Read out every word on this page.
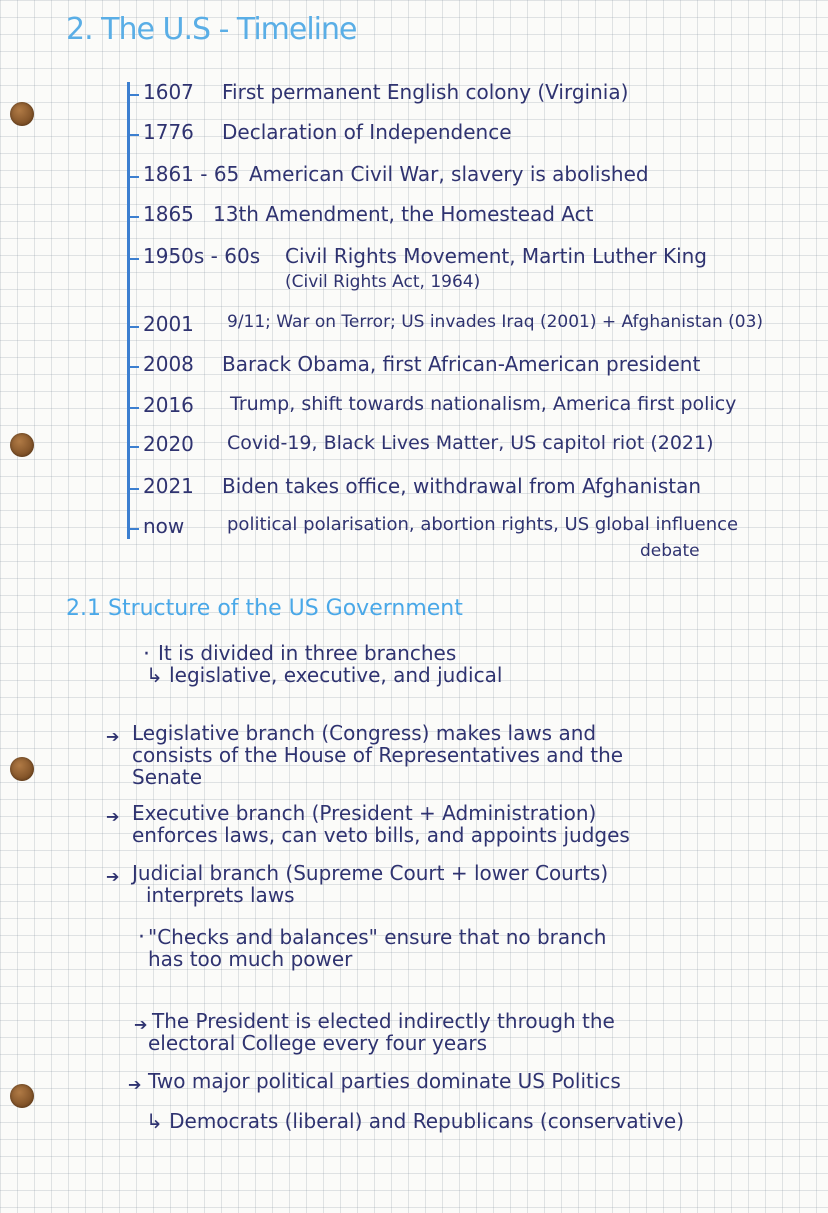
2. The U.S - Timeline
1607 First permanent English colony (Virginia)
1776 Declaration of Independence
1861 - 65 American Civil War, slavery is abolished
1865 13th Amendment, the Homestead Act
1950s - 60s Civil Rights Movement, Martin Luther King
(Civil Rights Act, 1964)
2001 9/11; War on Terror; US invades Iraq (2001) + Afghanistan (03)
2008 Barack Obama, first African-American president
2016 Trump, shift towards nationalism, America first policy
2020 Covid-19, Black Lives Matter, US capitol riot (2021)
2021 Biden takes office, withdrawal from Afghanistan
now political polarisation, abortion rights, US global influence
debate
2.1 Structure of the US Government
· It is divided in three branches
↳ legislative, executive, and judical
➔ Legislative branch (Congress) makes laws and
consists of the House of Representatives and the
Senate
➔ Executive branch (President + Administration)
enforces laws, can veto bills, and appoints judges
➔ Judicial branch (Supreme Court + lower Courts)
interprets laws
· "Checks and balances" ensure that no branch
has too much power
➔ The President is elected indirectly through the
electoral College every four years
➔ Two major political parties dominate US Politics
↳ Democrats (liberal) and Republicans (conservative)
